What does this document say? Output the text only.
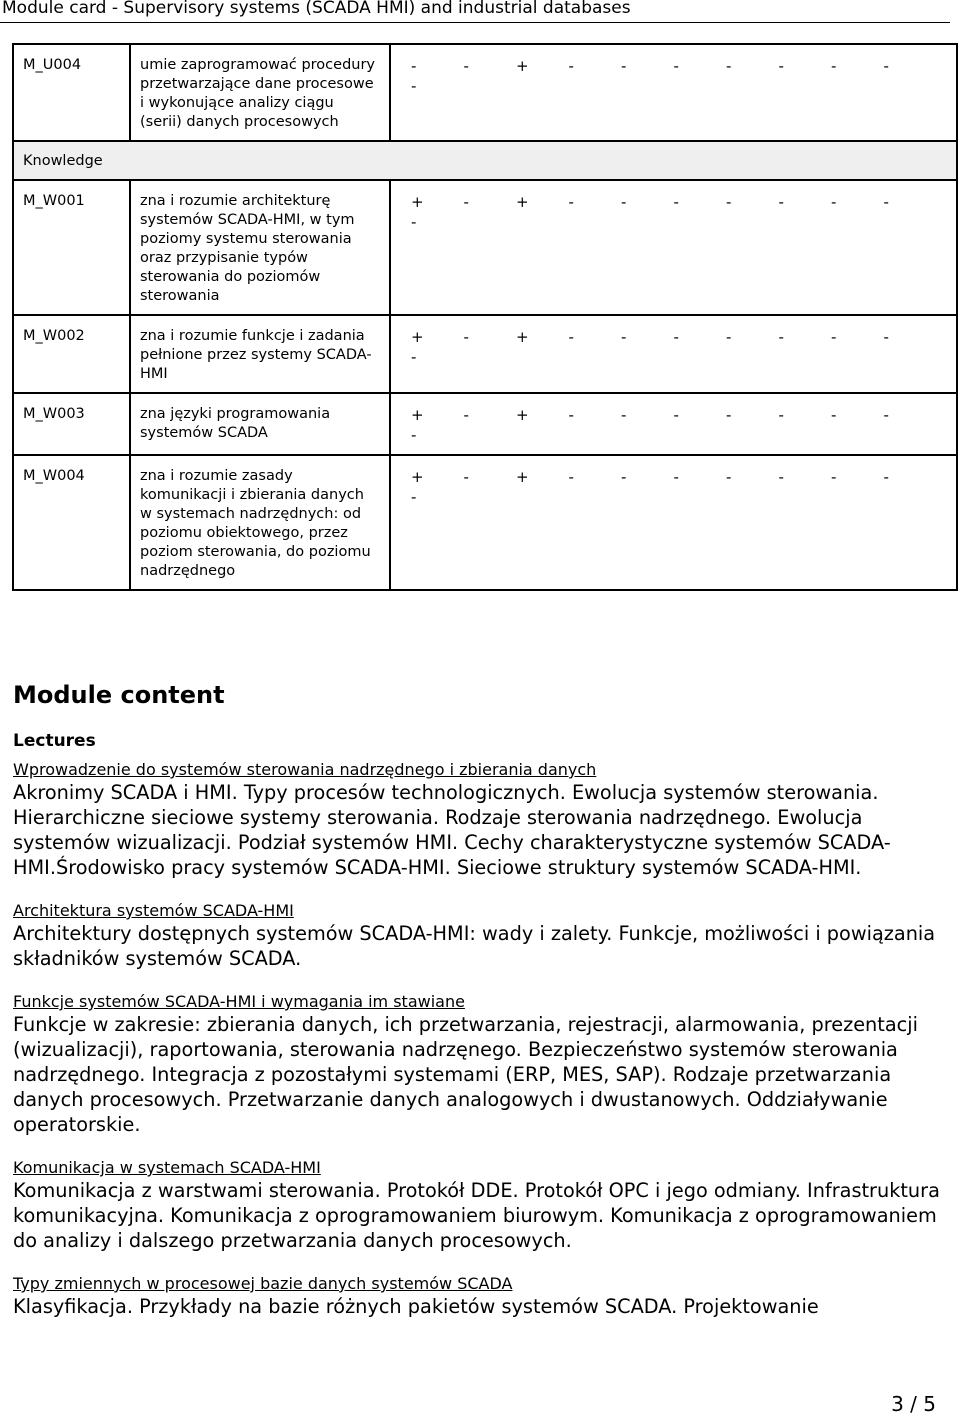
Module card - Supervisory systems (SCADA HMI) and industrial databases
M_U004	umie zaprogramować procedury przetwarzające dane procesowe i wykonujące analizy ciągu (serii) danych procesowych	- - + - - - - - - --
Knowledge		
M_W001	zna i rozumie architekturę systemów SCADA-HMI, w tym poziomy systemu sterowania oraz przypisanie typów sterowania do poziomów sterowania	+ - + - - - - - - --
M_W002	zna i rozumie funkcje i zadania pełnione przez systemy SCADA-HMI	+ - + - - - - - - --
M_W003	zna języki programowania systemów SCADA	+ - + - - - - - - --
M_W004	zna i rozumie zasady komunikacji i zbierania danych w systemach nadrzędnych: od poziomu obiektowego, przez poziom sterowania, do poziomu nadrzędnego	+ - + - - - - - - --
Module content
Lectures
Wprowadzenie do systemów sterowania nadrzędnego i zbierania danych

Akronimy SCADA i HMI. Typy procesów technologicznych. Ewolucja systemów sterowania. Hierarchiczne sieciowe systemy sterowania. Rodzaje sterowania nadrzędnego. Ewolucja systemów wizualizacji. Podział systemów HMI. Cechy charakterystyczne systemów SCADA-HMI.Środowisko pracy systemów SCADA-HMI. Sieciowe struktury systemów SCADA-HMI.

Architektura systemów SCADA-HMI

Architektury dostępnych systemów SCADA-HMI: wady i zalety. Funkcje, możliwości i powiązania składników systemów SCADA.

Funkcje systemów SCADA-HMI i wymagania im stawiane

Funkcje w zakresie: zbierania danych, ich przetwarzania, rejestracji, alarmowania, prezentacji (wizualizacji), raportowania, sterowania nadrzęnego. Bezpieczeństwo systemów sterowania nadrzędnego. Integracja z pozostałymi systemami (ERP, MES, SAP). Rodzaje przetwarzania danych procesowych. Przetwarzanie danych analogowych i dwustanowych. Oddziaływanie operatorskie.

Komunikacja w systemach SCADA-HMI

Komunikacja z warstwami sterowania. Protokół DDE. Protokół OPC i jego odmiany. Infrastruktura komunikacyjna. Komunikacja z oprogramowaniem biurowym. Komunikacja z oprogramowaniem do analizy i dalszego przetwarzania danych procesowych.

Typy zmiennych w procesowej bazie danych systemów SCADA

Klasyfikacja. Przykłady na bazie różnych pakietów systemów SCADA. Projektowanie

3 / 5
